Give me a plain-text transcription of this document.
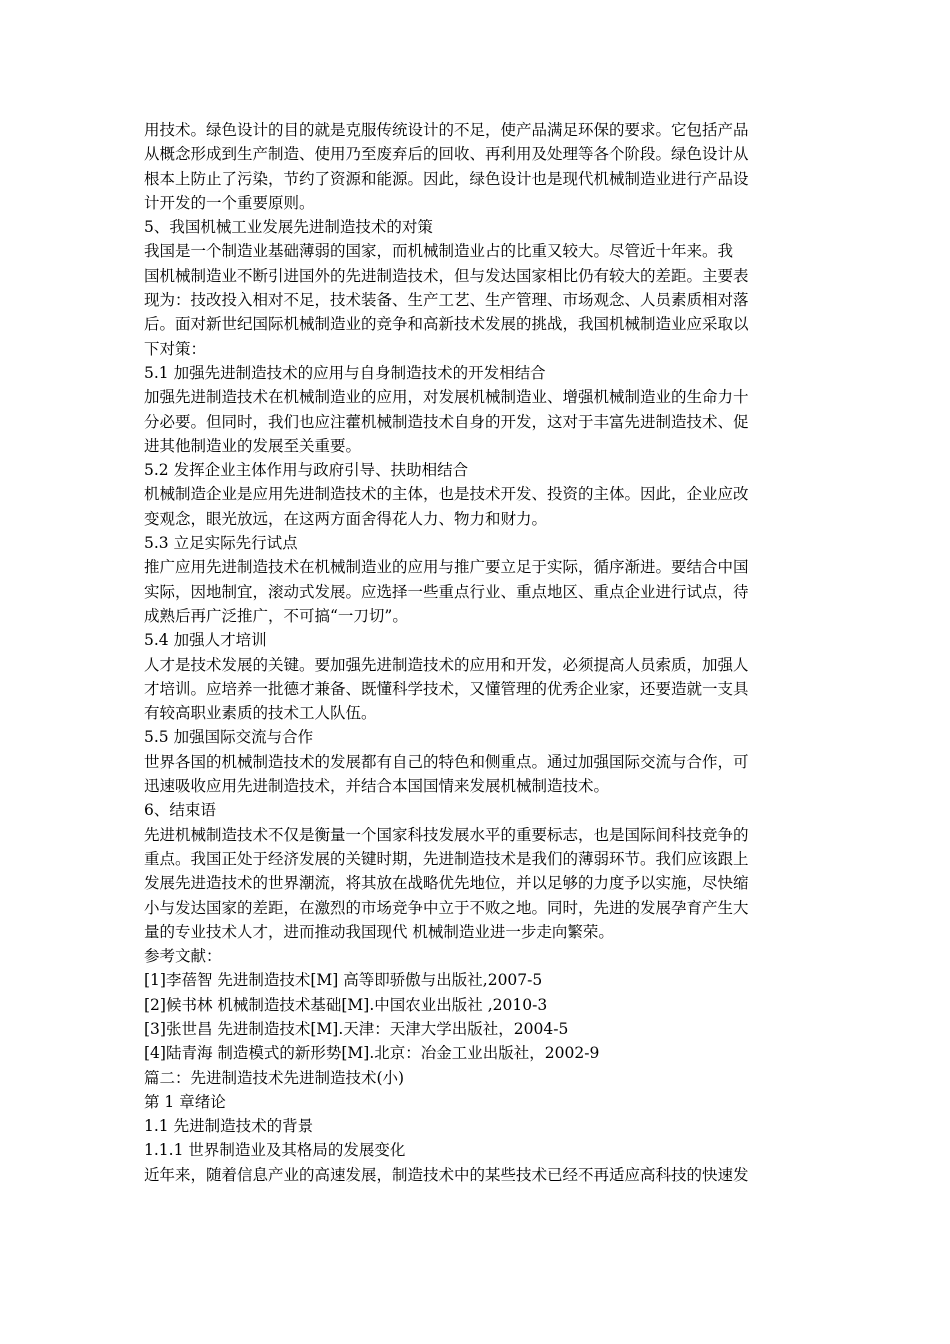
用技术。绿色设计的目的就是克服传统设计的不足，使产品满足环保的要求。它包括产品

从概念形成到生产制造、使用乃至废弃后的回收、再利用及处理等各个阶段。绿色设计从

根本上防止了污染，节约了资源和能源。因此，绿色设计也是现代机械制造业进行产品设

计开发的一个重要原则。

5、我国机械工业发展先进制造技术的对策

我国是一个制造业基础薄弱的国家，而机械制造业占的比重又较大。尽管近十年来。我

国机械制造业不断引进国外的先进制造技术，但与发达国家相比仍有较大的差距。主要表

现为：技改投入相对不足，技术装备、生产工艺、生产管理、市场观念、人员素质相对落

后。面对新世纪国际机械制造业的竞争和高新技术发展的挑战，我国机械制造业应采取以

下对策：

5.1 加强先进制造技术的应用与自身制造技术的开发相结合

加强先进制造技术在机械制造业的应用，对发展机械制造业、增强机械制造业的生命力十

分必要。但同时，我们也应注藿机械制造技术自身的开发，这对于丰富先进制造技术、促

进其他制造业的发展至关重要。

5.2 发挥企业主体作用与政府引导、扶助相结合

机械制造企业是应用先进制造技术的主体，也是技术开发、投资的主体。因此，企业应改

变观念，眼光放远，在这两方面舍得花人力、物力和财力。

5.3 立足实际先行试点

推广应用先进制造技术在机械制造业的应用与推广要立足于实际，循序渐进。要结合中国

实际，因地制宜，滚动式发展。应选择一些重点行业、重点地区、重点企业进行试点，待

成熟后再广泛推广，不可搞“一刀切”。

5.4 加强人才培训

人才是技术发展的关键。要加强先进制造技术的应用和开发，必须提高人员索质，加强人

才培训。应培养一批德才兼备、既懂科学技术，又懂管理的优秀企业家，还要造就一支具

有较高职业素质的技术工人队伍。

5.5 加强国际交流与合作

世界各国的机械制造技术的发展都有自己的特色和侧重点。通过加强国际交流与合作，可

迅速吸收应用先进制造技术，并结合本国国情来发展机械制造技术。

6、结束语

先进机械制造技术不仅是衡量一个国家科技发展水平的重要标志，也是国际间科技竞争的

重点。我国正处于经济发展的关键时期，先进制造技术是我们的薄弱环节。我们应该跟上

发展先进造技术的世界潮流，将其放在战略优先地位，并以足够的力度予以实施，尽快缩

小与发达国家的差距，在激烈的市场竞争中立于不败之地。同时，先进的发展孕育产生大

量的专业技术人才，进而推动我国现代 机械制造业进一步走向繁荣。

参考文献：

[1]李蓓智 先进制造技术[M] 高等即骄傲与出版社,2007-5

[2]候书林 机械制造技术基础[M].中国农业出版社 ,2010-3

[3]张世昌 先进制造技术[M].天津：天津大学出版社，2004-5

[4]陆青海 制造模式的新形势[M].北京：冶金工业出版社，2002-9

篇二：先进制造技术先进制造技术(小)

第 1 章绪论

1.1 先进制造技术的背景

1.1.1 世界制造业及其格局的发展变化

近年来，随着信息产业的高速发展，制造技术中的某些技术已经不再适应高科技的快速发
